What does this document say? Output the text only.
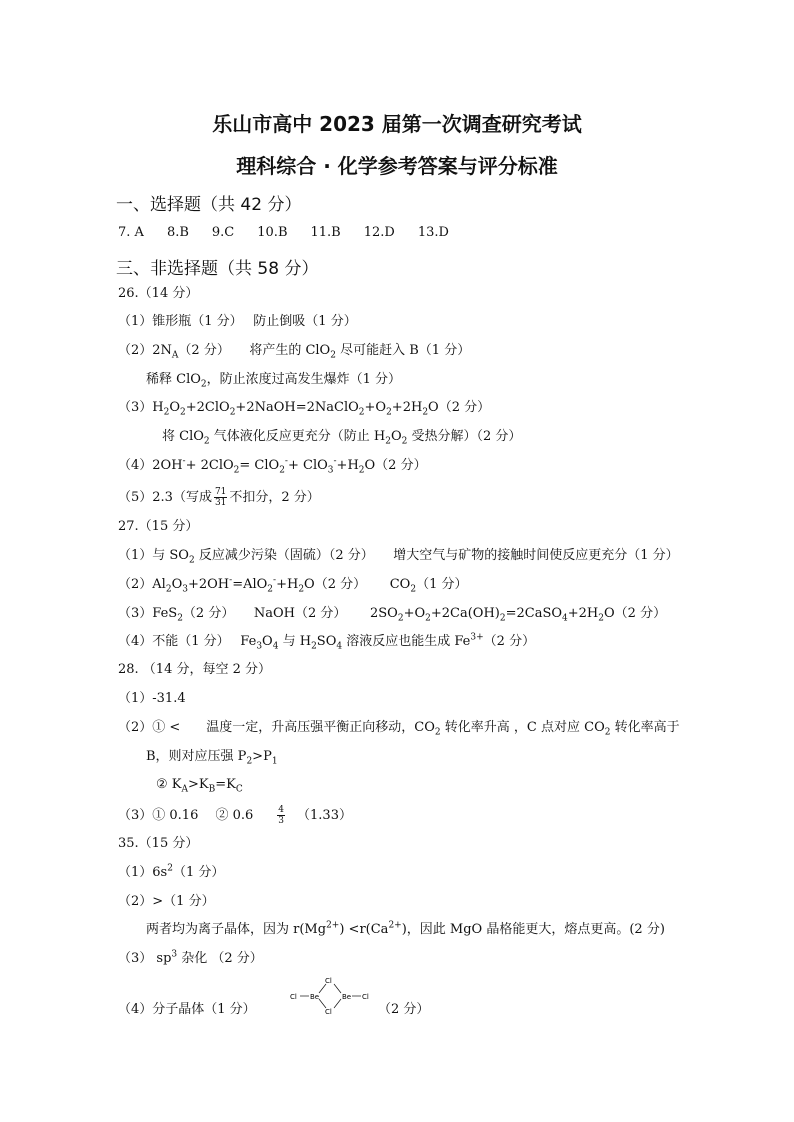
乐山市高中 2023 届第一次调查研究考试
理科综合 · 化学参考答案与评分标准
一、选择题（共 42 分）
7. A 8.B 9.C 10.B 11.B 12.D 13.D
三、非选择题（共 58 分）
26.（14 分）
（1）锥形瓶（1 分）　 防止倒吸（1 分）
$(2)2N_A(2$ 分）　　将产生的 ClO$_2$ 尽可能赶入 B（1 分）
稀释 ClO$_2$，防止浓度过高发生爆炸（1 分）
$(3)H_2O_2+2ClO_2+2NaOH=2NaClO_2+O_2+2H_2O(2$ 分）
将 ClO$_2$ 气体液化反应更充分（防止 $H_2O_2$ 受热分解）（2 分）
$(4)2OH^-+ 2ClO_2= ClO_2^-+ ClO_3^-+H_2O(2$ 分）
（5）2.3（写成 $\frac{71}{31}$ 不扣分，2 分）
27.（15 分）
（1）与 $SO_2$ 反应减少污染（固硫）（2 分）　　增大空气与矿物的接触时间使反应更充分（1 分）
$(2)Al_2O_3+2OH^-=AlO_2^-+H_2O(2$ 分）　　 $CO_2(1$ 分）
（3）FeS$_2$（2 分）　　NaOH（2 分）　　 $2SO_2+O_2+2Ca(OH)_2=2CaSO_4+2H_2O(2$ 分）
（4）不能（1 分）　 $Fe_3O_4$ 与 $H_2SO_4$ 溶液反应也能生成 $Fe^{3+}(2$ 分）
28. （14 分，每空 2 分）
（1）-31.4
（2）① <　　温度一定，升高压强平衡正向移动，$CO_2$ 转化率升高 ，C 点对应 $CO_2$ 转化率高于
B，则对应压强 $P_2>P_1$
② $K_A>K_B=K_C$
（3）① 0.16　 ② 0.6	$\frac{4}{3} (1.33)$
35.（15 分）
$(1)6s^2(1$ 分）
（2）>（1 分）
两者均为离子晶体，因为 $r(Mg^{2+}) <r(Ca^{2+})$，因此 MgO 晶格能更大，熔点更高。(2 分)
（3） $sp^3$ 杂化 （2 分）
（4）分子晶体（1 分）
Cl Be
Cl
Cl
Be Cl
（2 分）
